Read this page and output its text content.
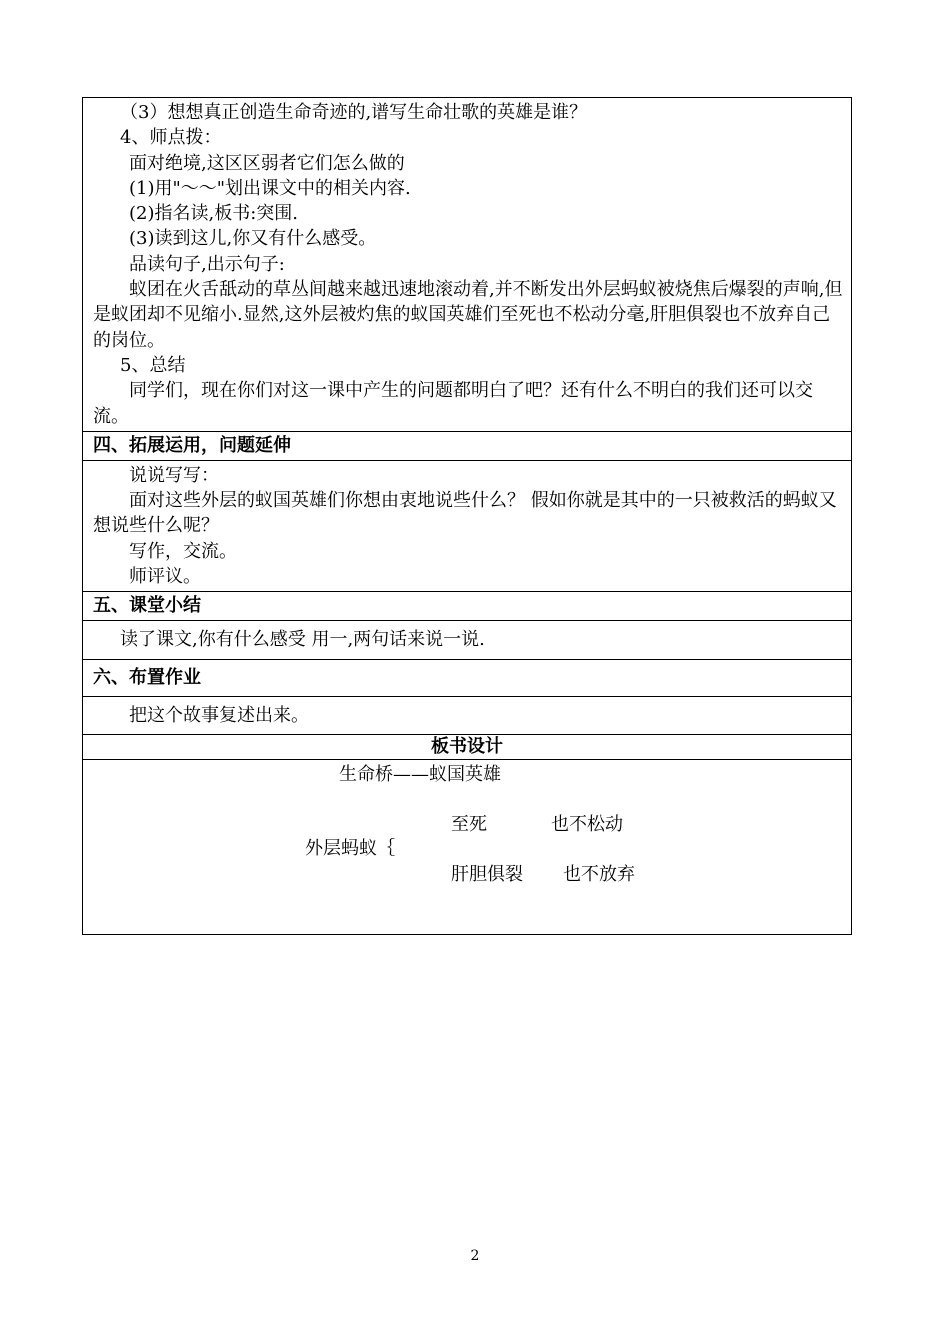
（3）想想真正创造生命奇迹的,谱写生命壮歌的英雄是谁？

4、师点拨：

面对绝境,这区区弱者它们怎么做的

(1)用"～～"划出课文中的相关内容.

(2)指名读,板书:突围.

(3)读到这儿,你又有什么感受。

品读句子,出示句子:

蚁团在火舌舐动的草丛间越来越迅速地滚动着,并不断发出外层蚂蚁被烧焦后爆裂的声响,但是蚁团却不见缩小.显然,这外层被灼焦的蚁国英雄们至死也不松动分毫,肝胆俱裂也不放弃自己的岗位。

5、总结

同学们，现在你们对这一课中产生的问题都明白了吧？还有什么不明白的我们还可以交流。

四、拓展运用，问题延伸

说说写写：

面对这些外层的蚁国英雄们你想由衷地说些什么？ 假如你就是其中的一只被救活的蚂蚁又想说些什么呢？

写作，交流。

师评议。

五、课堂小结

读了课文,你有什么感受 用一,两句话来说一说.

六、布置作业

把这个故事复述出来。

板书设计
生命桥——蚁国英雄
至死	也不松动
外层蚂蚁｛
肝胆俱裂 也不放弃
2
